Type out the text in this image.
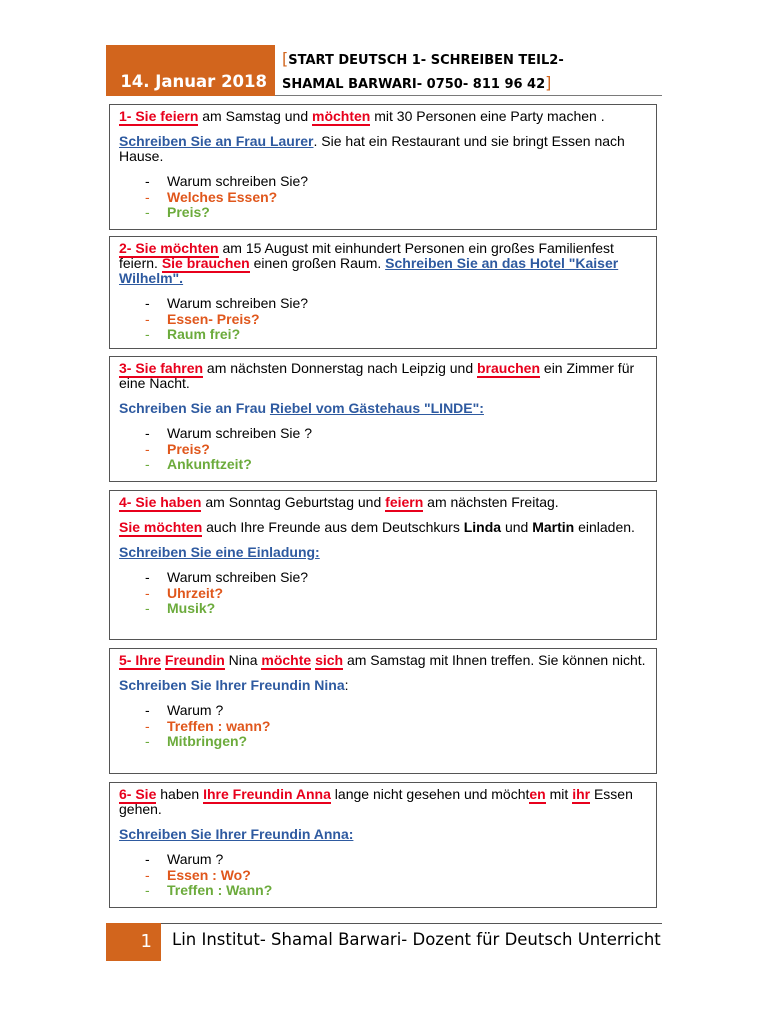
14. Januar 2018
[START DEUTSCH 1- SCHREIBEN TEIL2-
SHAMAL BARWARI- 0750- 811 96 42]

1- Sie feiern am Samstag und möchten mit 30 Personen eine Party machen .

Schreiben Sie an Frau Laurer. Sie hat ein Restaurant und sie bringt Essen nach Hause.

- Warum schreiben Sie?
- Welches Essen?
- Preis?

2- Sie möchten am 15 August mit einhundert Personen ein großes Familienfest feiern. Sie brauchen einen großen Raum. Schreiben Sie an das Hotel "Kaiser Wilhelm".

- Warum schreiben Sie?
- Essen- Preis?
- Raum frei?

3- Sie fahren am nächsten Donnerstag nach Leipzig und brauchen ein Zimmer für eine Nacht.

Schreiben Sie an Frau Riebel vom Gästehaus "LINDE":

- Warum schreiben Sie ?
- Preis?
- Ankunftzeit?

4- Sie haben am Sonntag Geburtstag und feiern am nächsten Freitag.

Sie möchten auch Ihre Freunde aus dem Deutschkurs Linda und Martin einladen.

Schreiben Sie eine Einladung:

- Warum schreiben Sie?
- Uhrzeit?
- Musik?

5- Ihre Freundin Nina möchte sich am Samstag mit Ihnen treffen. Sie können nicht.

Schreiben Sie Ihrer Freundin Nina:

- Warum ?
- Treffen : wann?
- Mitbringen?

6- Sie haben Ihre Freundin Anna lange nicht gesehen und möchten mit ihr Essen gehen.

Schreiben Sie Ihrer Freundin Anna:

- Warum ?
- Essen : Wo?
- Treffen : Wann?
1 Lin Institut- Shamal Barwari- Dozent für Deutsch Unterricht
